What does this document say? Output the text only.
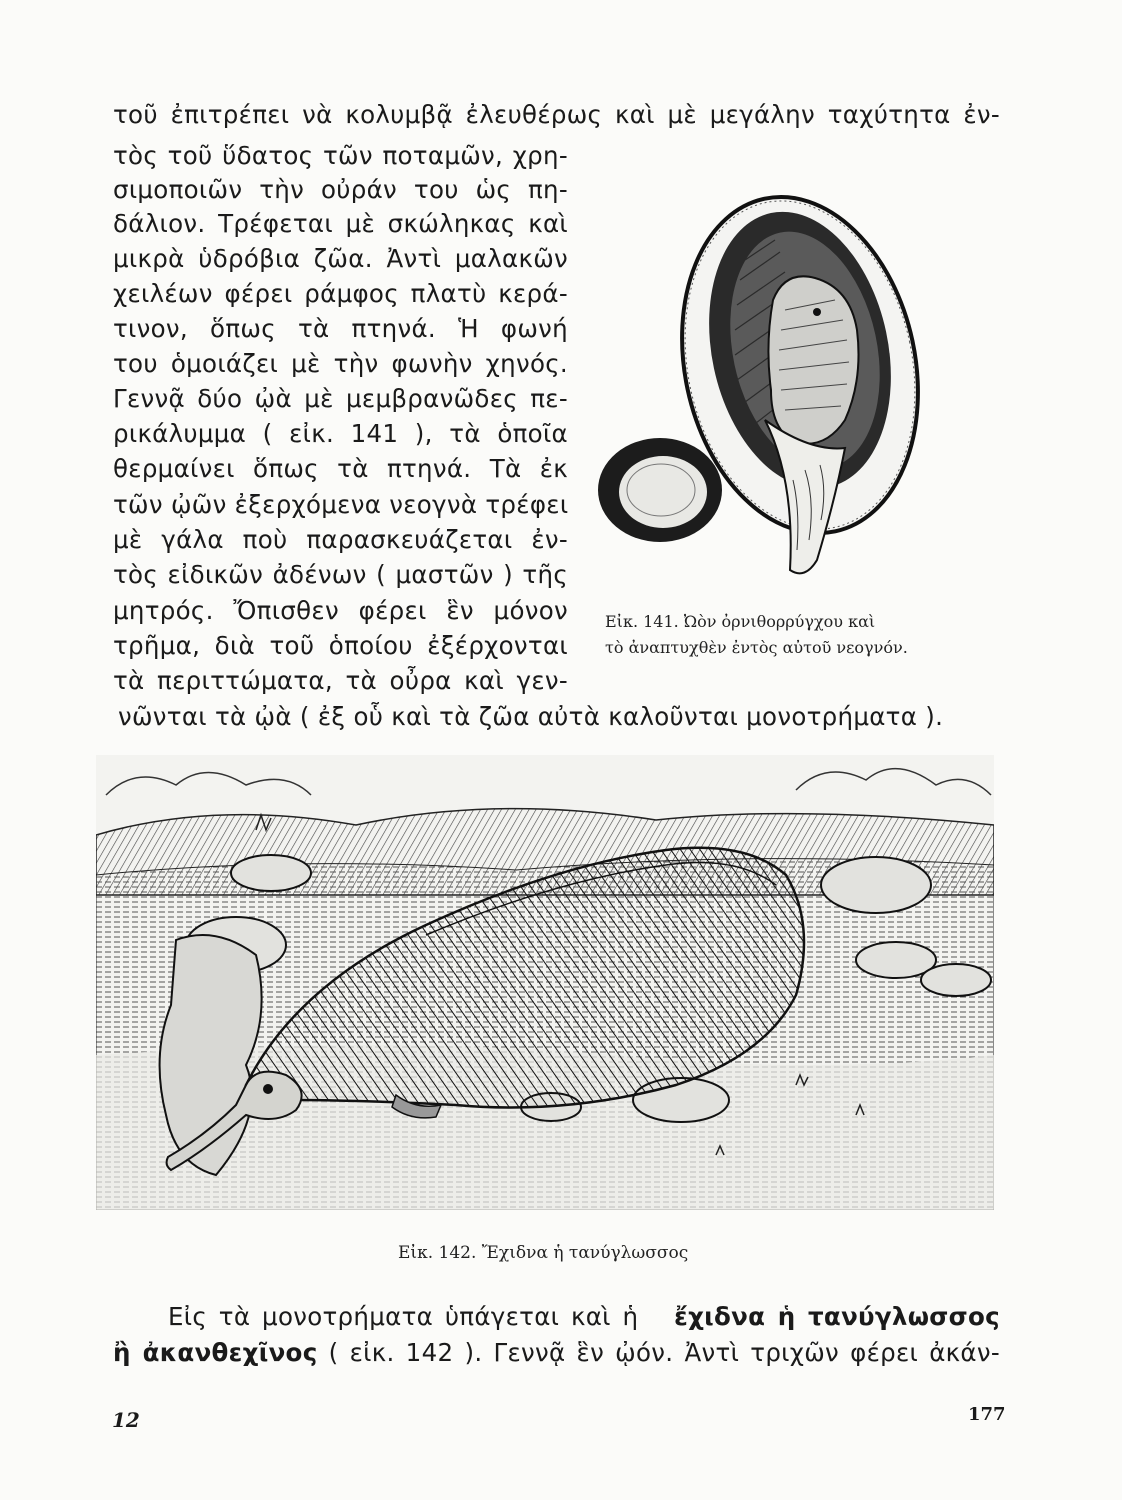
τοῦ ἐπιτρέπει νὰ κολυμβᾷ ἐλευθέρως καὶ μὲ μεγάλην ταχύτητα ἐν-
τὸς τοῦ ὕδατος τῶν ποταμῶν, χρη-
σιμοποιῶν τὴν οὐράν του ὡς πη-
δάλιον. Τρέφεται μὲ σκώληκας καὶ
μικρὰ ὑδρόβια ζῶα. Ἀντὶ μαλακῶν
χειλέων φέρει ράμφος πλατὺ κερά-
τινον, ὅπως τὰ πτηνά. Ἡ φωνή
του ὁμοιάζει μὲ τὴν φωνὴν χηνός.
Γεννᾷ δύο ᾠὰ μὲ μεμβρανῶδες πε-
ρικάλυμμα ( εἰκ. 141 ), τὰ ὁποῖα
θερμαίνει ὅπως τὰ πτηνά. Τὰ ἐκ
τῶν ᾠῶν ἐξερχόμενα νεογνὰ τρέφει
μὲ γάλα ποὺ παρασκευάζεται ἐν-
τὸς εἰδικῶν ἀδένων ( μαστῶν ) τῆς
μητρός. Ὄπισθεν φέρει ἓν μόνον
τρῆμα, διὰ τοῦ ὁποίου ἐξέρχονται
τὰ περιττώματα, τὰ οὖρα καὶ γεν-
νῶνται τὰ ᾠὰ ( ἐξ οὗ καὶ τὰ ζῶα αὐτὰ καλοῦνται μονοτρήματα ).
Εἰκ. 141. Ὠὸν ὀρνιθορρύγχου καὶ
τὸ ἀναπτυχθὲν ἐντὸς αὐτοῦ νεογνόν.
Εἰκ. 142. Ἔχιδνα ἡ τανύγλωσσος
Εἰς τὰ μονοτρήματα ὑπάγεται καὶ ἡ ἔχιδνα ἡ τανύγλωσσος
ἢ ἀκανθεχῖνος ( εἰκ. 142 ). Γεννᾷ ἓν ᾠόν. Ἀντὶ τριχῶν φέρει ἀκάν-
12	177
